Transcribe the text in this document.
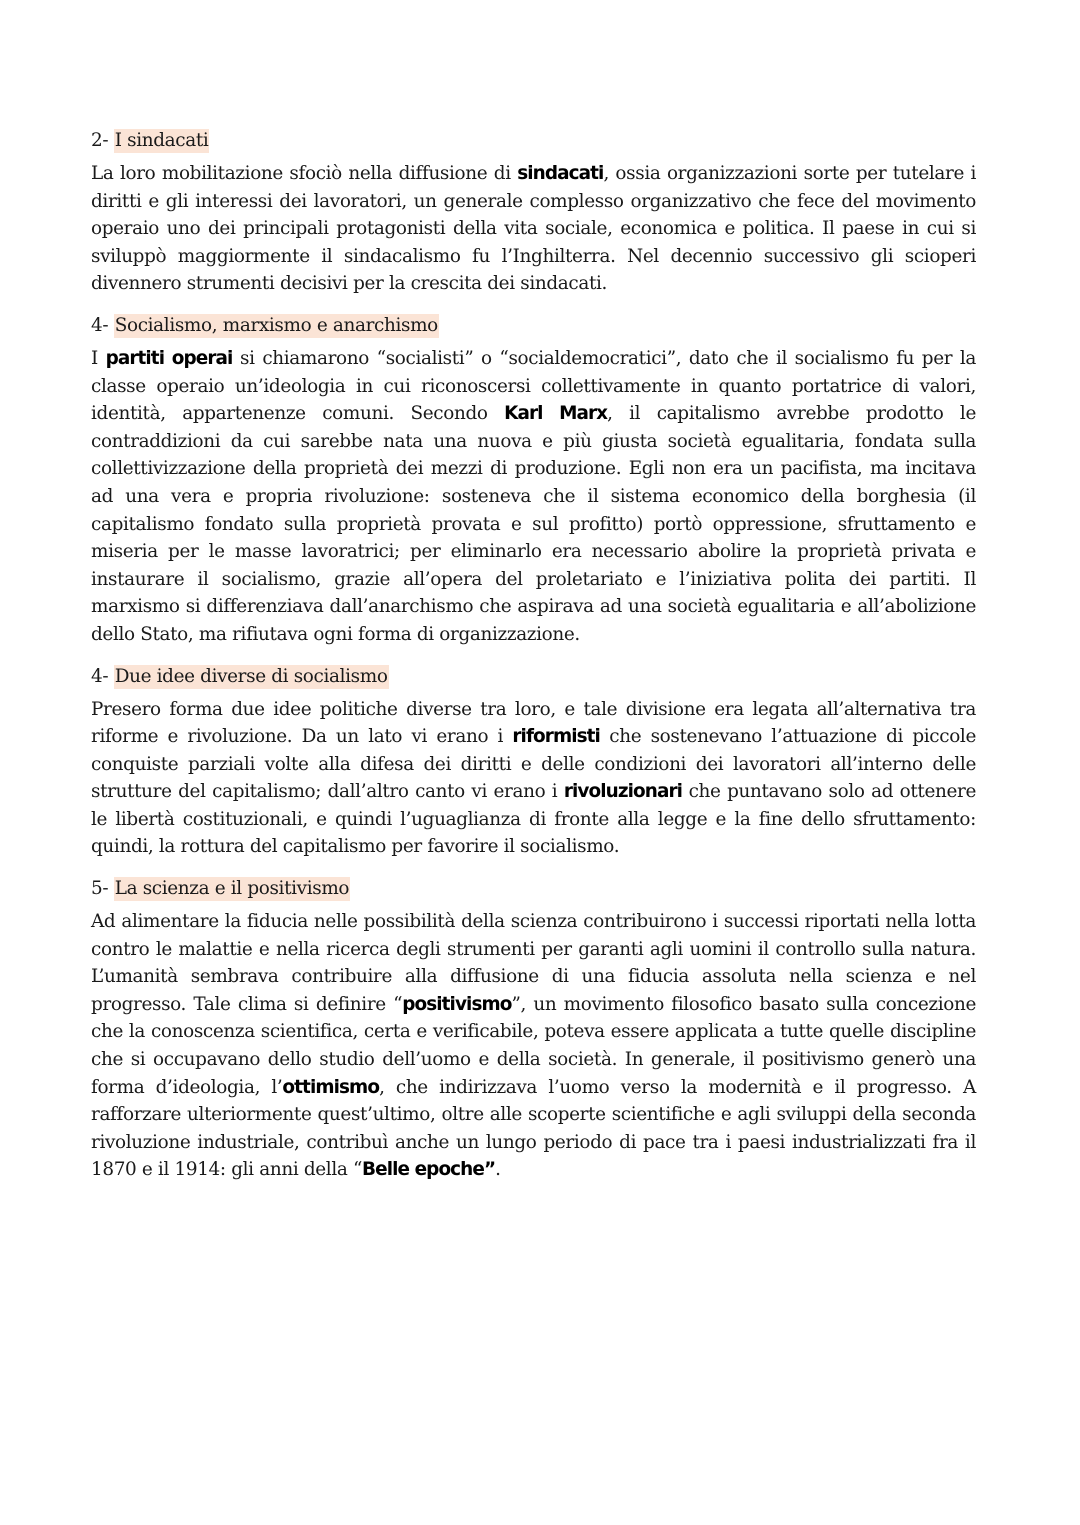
2- I sindacati

La loro mobilitazione sfociò nella diffusione di sindacati, ossia organizzazioni sorte per tutelare i diritti e gli interessi dei lavoratori, un generale complesso organizzativo che fece del movimento operaio uno dei principali protagonisti della vita sociale, economica e politica. Il paese in cui si sviluppò maggiormente il sindacalismo fu l’Inghilterra. Nel decennio successivo gli scioperi divennero strumenti decisivi per la crescita dei sindacati.

4- Socialismo, marxismo e anarchismo

I partiti operai si chiamarono “socialisti” o “socialdemocratici”, dato che il socialismo fu per la classe operaio un’ideologia in cui riconoscersi collettivamente in quanto portatrice di valori, identità, appartenenze comuni. Secondo Karl Marx, il capitalismo avrebbe prodotto le contraddizioni da cui sarebbe nata una nuova e più giusta società egualitaria, fondata sulla collettivizzazione della proprietà dei mezzi di produzione. Egli non era un pacifista, ma incitava ad una vera e propria rivoluzione: sosteneva che il sistema economico della borghesia (il capitalismo fondato sulla proprietà provata e sul profitto) portò oppressione, sfruttamento e miseria per le masse lavoratrici; per eliminarlo era necessario abolire la proprietà privata e instaurare il socialismo, grazie all’opera del proletariato e l’iniziativa polita dei partiti. Il marxismo si differenziava dall’anarchismo che aspirava ad una società egualitaria e all’abolizione dello Stato, ma rifiutava ogni forma di organizzazione.

4- Due idee diverse di socialismo

Presero forma due idee politiche diverse tra loro, e tale divisione era legata all’alternativa tra riforme e rivoluzione. Da un lato vi erano i riformisti che sostenevano l’attuazione di piccole conquiste parziali volte alla difesa dei diritti e delle condizioni dei lavoratori all’interno delle strutture del capitalismo; dall’altro canto vi erano i rivoluzionari che puntavano solo ad ottenere le libertà costituzionali, e quindi l’uguaglianza di fronte alla legge e la fine dello sfruttamento: quindi, la rottura del capitalismo per favorire il socialismo.

5- La scienza e il positivismo

Ad alimentare la fiducia nelle possibilità della scienza contribuirono i successi riportati nella lotta contro le malattie e nella ricerca degli strumenti per garanti agli uomini il controllo sulla natura. L’umanità sembrava contribuire alla diffusione di una fiducia assoluta nella scienza e nel progresso. Tale clima si definire “positivismo”, un movimento filosofico basato sulla concezione che la conoscenza scientifica, certa e verificabile, poteva essere applicata a tutte quelle discipline che si occupavano dello studio dell’uomo e della società. In generale, il positivismo generò una forma d’ideologia, l’ottimismo, che indirizzava l’uomo verso la modernità e il progresso. A rafforzare ulteriormente quest’ultimo, oltre alle scoperte scientifiche e agli sviluppi della seconda rivoluzione industriale, contribuì anche un lungo periodo di pace tra i paesi industrializzati fra il 1870 e il 1914: gli anni della “Belle epoche”.
